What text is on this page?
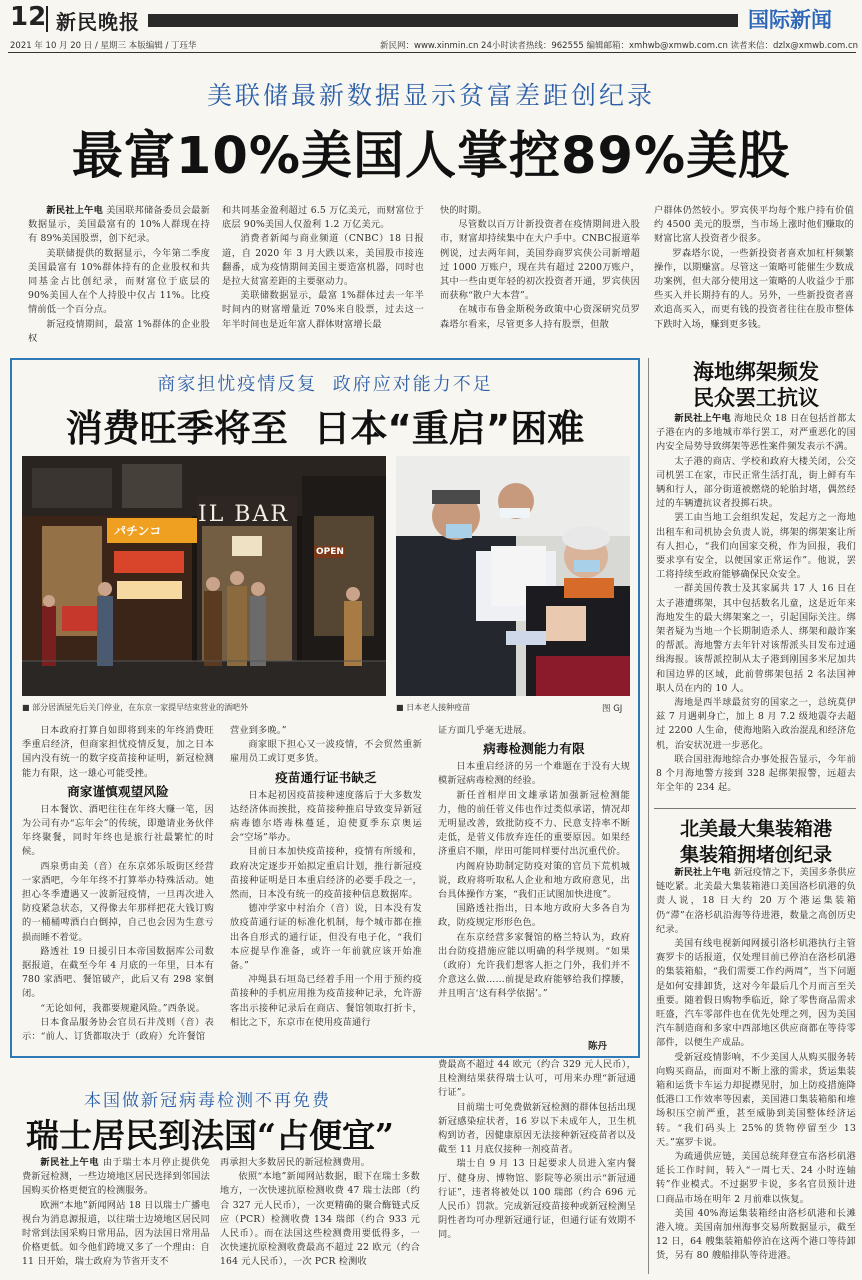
12 新民晚报	国际新闻
2021 年 10 月 20 日 / 星期三 本版编辑 / 丁珏华	新民网：www.xinmin.cn 24小时读者热线：962555 编辑邮箱：xmhwb@xmwb.com.cn 读者来信：dzlx@xmwb.com.cn
美联储最新数据显示贫富差距创纪录
最富10%美国人掌控89%美股

新民社上午电 美国联邦储备委员会最新数据显示，美国最富有的 10%人群现在持有 89%美国股票，创下纪录。

美联储提供的数据显示，今年第二季度美国最富有 10%群体持有的企业股权和共同基金占比创纪录，而财富位于底层的 90%美国人在个人持股中仅占 11%。比疫情前低一个百分点。

新冠疫情期间，最富 1%群体的企业股权

和共同基金盈利超过 6.5 万亿美元，而财富位于底层 90%美国人仅盈利 1.2 万亿美元。

消费者新闻与商业频道（CNBC）18 日报道，自 2020 年 3 月大跌以来，美国股市接连翻番，成为疫情期间美国主要造富机器，同时也是拉大贫富差距的主要驱动力。

美联储数据显示，最富 1%群体过去一年半时间内的财富增量近 70%来自股票，过去这一年半时间也是近年富人群体财富增长最

快的时期。

尽管数以百万计新投资者在疫情期间进入股市，财富却持续集中在大户手中。CNBC报道举例说，过去两年间，美国券商罗宾侠公司新增超过 1000 万账户，现在共有超过 2200万账户，其中一些由更年轻的初次投资者开通，罗宾侠因而获称“散户大本营”。

在城市布鲁金斯税务政策中心资深研究员罗森塔尔看来，尽管更多人持有股票，但散

户群体仍然较小。罗宾侠平均每个账户持有价值约 4500 美元的股票，当市场上涨时他们赚取的财富比富人投资者少很多。

罗森塔尔说，一些新投资者喜欢加杠杆频繁操作，以期赚富。尽管这一策略可能催生少数成功案例，但大部分使用这一策略的人收益少于那些买入并长期持有的人。另外，一些新投资者喜欢追高买入，而更有钱的投资者往往在股市整体下跌时入场，赚到更多钱。

商家担忧疫情反复  政府应对能力不足
消费旺季将至  日本“重启”困难
パチンコ
IL BAR
OPEN
■ 部分居酒屋先后关门停业，在东京一家提早结束营业的酒吧外	■ 日本老人接种疫苗	图 GJ

日本政府打算自如即将到来的年终消费旺季重启经济，但商家担忧疫情反复，加之日本国内没有统一的数字疫苗接种证明，新冠检测能力有限，这一雄心可能受挫。

商家谨慎观望风险

日本餐饮、酒吧往往在年终大赚一笔，因为公司有办“忘年会”的传统，即邀请业务伙伴年终聚餐，同时年终也是旅行社最繁忙的时候。

西泉勇由美（音）在东京郊乐坂街区经营一家酒吧，今年年终不打算举办特殊活动。她担心冬季遭遇又一波新冠疫情，一旦再次进入防疫紧急状态，又得像去年那样把花大钱订购的一桶桶啤酒白白倒掉，自己也会因为生意亏损而睡不着觉。

路透社 19 日援引日本帝国数据库公司数据报道，在截至今年 4 月底的一年里，日本有 780 家酒吧、餐馆破产，此后又有 298 家倒闭。

“无论如何，我都要规避风险。”西条说。

日本食品服务协会官员石井茂则（音）表示：“前人、订货都取决于（政府）允许餐馆

营业到多晚。”

商家眼下担心又一波疫情，不会贸然重新雇用员工或订更多货。

疫苗通行证书缺乏

日本起初因疫苗接种速度落后于大多数发达经济体而挨批，疫苗接种推启导致变异新冠病毒德尔塔毒株蔓延，迫使夏季东京奥运会“空场”举办。

目前日本加快疫苗接种，疫情有所缓和，政府决定逐步开始拟定重启计划，推行新冠疫苗接种证明是日本重启经济的必要手段之一，然而，日本没有统一的疫苗接种信息数据库。

德冲学家中村治介（音）说，日本没有发放疫苗通行证的标准化机制，每个城市都在推出各自形式的通行证，但没有电子化，“我们本应提早作准备，或许一年前就应该开始准备。”

冲绳县石垣岛已经着手用一个用于预约疫苗接种的手机应用推为疫苗接种记录，允许游客出示接种记录后在商店、餐馆领取打折卡，相比之下，东京市在使用疫苗通行

证方面几乎毫无进展。

病毒检测能力有限

日本重启经济的另一个难题在于没有大规模新冠病毒检测的经验。

新任首相岸田文雄承诺加强新冠检测能力，他的前任菅义伟也作过类似承诺，情况却无明显改善，致批防疫不力、民意支持率不断走低，是菅义伟放弃连任的重要原因。如果经济重启不顺，岸田可能同样要付出沉重代价。

内阁府协助制定防疫对策的官员下荒机城说，政府将听取私人企业和地方政府意见，出台具体操作方案，“我们正试图加快进度”。

国路透社指出，日本地方政府大多各自为政，防疫规定形形色色。

在东京经营多家餐馆的格兰特认为，政府出台防疫措施应能以明确的科学规则。“如果（政府）允许我们想客人拒之门外，我们并不介意这么做……前提是政府能够给我们撑腰，并且明言‘这有科学依据’。”

陈丹
本国做新冠病毒检测不再免费
瑞士居民到法国“占便宜”

新民社上午电 由于瑞士本月停止提供免费新冠检测，一些边境地区居民选择到邻国法国购买价格更便宜的检测服务。

欧洲“本地”新闻网站 18 日以瑞士广播电视台为消息源报道，以往瑞士边境地区居民同时常到法国采购日常用品，因为法国日常用品价格更低。如今他们跨境又多了一个理由：自 11 日开始，瑞士政府为节省开支不

再承担大多数居民的新冠检测费用。

依照“本地”新闻网站数据，眼下在瑞士多数地方，一次快速抗原检测收费 47 瑞士法郎（约合 327 元人民币），一次更精确的聚合酶链式反应（PCR）检测收费 134 瑞郎（约合 933 元人民币）。而在法国这些检测费用要低得多，一次快速抗原检测收费最高不超过 22 欧元（约合 164 元人民币），一次 PCR 检测收

费最高不超过 44 欧元（约合 329 元人民币），且检测结果获得瑞士认可，可用来办理“新冠通行证”。

目前瑞士可免费做新冠检测的群体包括出现新冠感染症状者，16 岁以下未成年人，卫生机构到访者，因健康原因无法接种新冠疫苗者以及截至 11 月底仅接种一剂疫苗者。

瑞士自 9 月 13 日起要求人员进入室内餐厅、健身房、博物馆、影院等必须出示“新冠通行证”，违者将被处以 100 瑞郎（约合 696 元人民币）罚款。完成新冠疫苗接种或新冠检测呈阴性者均可办理新冠通行证，但通行证有效期不同。

海地绑架频发
民众罢工抗议

新民社上午电 海地民众 18 日在包括首都太子港在内的多地城市举行罢工，对严重恶化的国内安全局势导致绑架等恶性案件频发表示不满。

太子港的商店、学校和政府大楼关闭，公交司机罢工在家，市民正常生活打乱，街上鲜有车辆和行人，部分街道被燃烧的轮胎封堵，偶然经过的车辆遭抗议者投掷石块。

罢工由当地工会组织发起，发起方之一海地出租车和司机协会负责人说，绑架的绑架案让所有人担心，“我们向国家交税，作为回报，我们要求享有安全，以便国家正常运作”。他说，罢工将持续至政府能够确保民众安全。

一群美国传教士及其家属共 17 人 16 日在太子港遭绑架，其中包括数名儿童，这是近年来海地发生的最大绑架案之一，引起国际关注。绑架者疑为当地一个长期制造杀人、绑架和敲诈案的帮派。海地警方去年针对该帮派头目发布过通缉海报。该帮派控制从太子港到刚国多米尼加共和国边界的区域，此前曾绑架包括 2 名法国神职人员在内的 10 人。

海地是西半球最贫穷的国家之一，总统莫伊兹 7 月遇刺身亡，加上 8 月 7.2 级地震夺去超过 2200 人生命，使海地陷入政治混乱和经济危机，治安状况进一步恶化。

联合国驻海地综合办事处报告显示，今年前 8 个月海地警方接到 328 起绑架报警，远超去年全年的 234 起。

北美最大集装箱港
集装箱拥堵创纪录

新民社上午电 新冠疫情之下，美国多条供应链吃紧。北美最大集装箱港口美国洛杉矶港的负责人说，18 日大约 20 万个港运集装箱仍“滞”在洛杉矶沿海等待进港，数量之高创历史纪录。

美国有线电视新闻网援引洛杉矶港执行主管赛罗卡的话报道，仅处理目前已停泊在洛杉矶港的集装箱船，“我们需要工作约两周”，当下问题是如何安排卸货，这对今年最后几个月而言至关重要。随着假日购物季临近，除了零售商品需求旺盛，汽车零部件也在优先处理之列，因为美国汽车制造商和多家中西部地区供应商都在等待零部件，以便生产成品。

受新冠疫情影响，不少美国人从购买服务转向购买商品，而面对不断上涨的需求，货运集装箱和运货卡车运力却捉襟见肘，加上防疫措施降低港口工作效率等因素，美国港口集装箱船和堆场积压空前严重，甚至威胁到美国整体经济运转。“我们码头上 25%的货物停留至少 13 天。”塞罗卡说。

为疏通供应链，美国总统拜登宣布洛杉矶港延长工作时间，转入“一周七天、24 小时连轴转”作业模式。不过据罗卡说，多名官员预计进口商品市场在明年 2 月前难以恢复。

美国 40%海运集装箱经由洛杉矶港和长滩港入境。美国南加州海事交易所数据显示，截至 12 日，64 艘集装箱船停泊在这两个港口等待卸货，另有 80 艘船排队等待进港。
